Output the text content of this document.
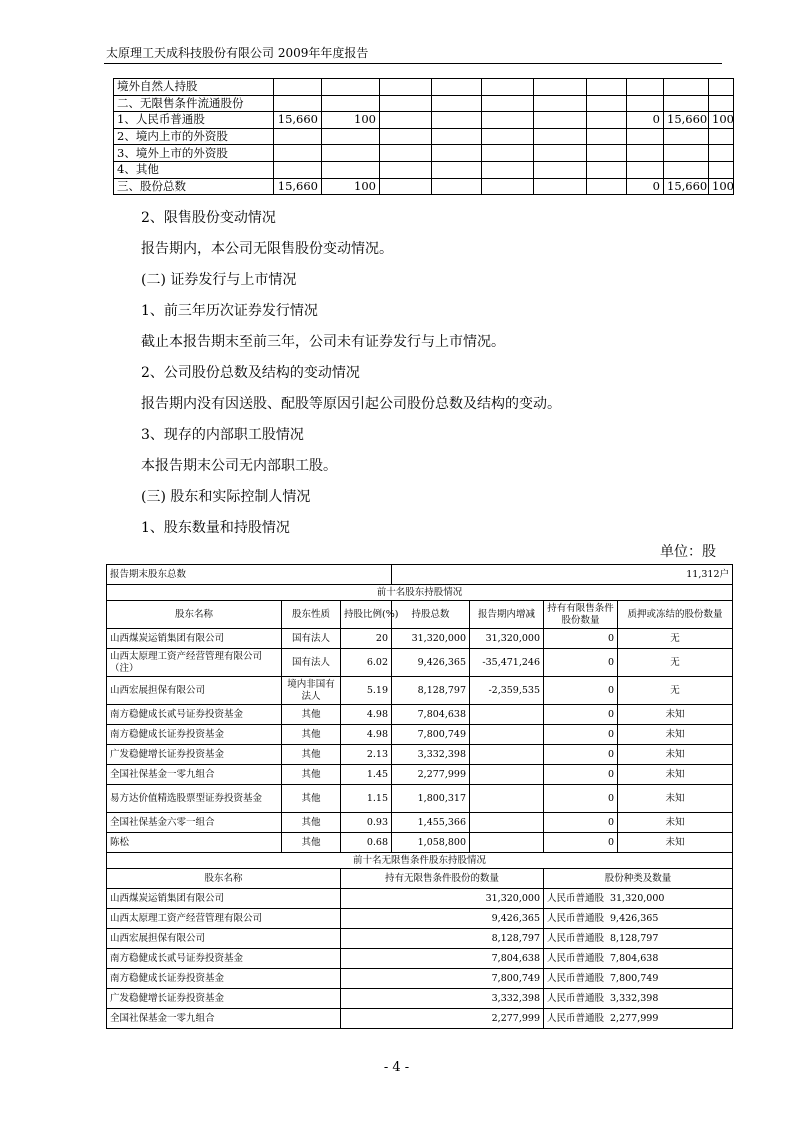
太原理工天成科技股份有限公司 2009年年度报告
境外自然人持股										
二、无限售条件流通股份										
1、人民币普通股	15,660	100						0	15,660	100
2、境内上市的外资股										
3、境外上市的外资股										
4、其他										
三、股份总数	15,660	100						0	15,660	100
2、限售股份变动情况
报告期内，本公司无限售股份变动情况。
(二) 证券发行与上市情况
1、前三年历次证券发行情况
截止本报告期末至前三年，公司未有证券发行与上市情况。
2、公司股份总数及结构的变动情况
报告期内没有因送股、配股等原因引起公司股份总数及结构的变动。
3、现存的内部职工股情况
本报告期末公司无内部职工股。
(三) 股东和实际控制人情况
1、股东数量和持股情况
单位：股
报告期末股东总数			11,312户			
前十名股东持股情况						
股东名称	股东性质	持股比例(%)	持股总数	报告期内增减	持有有限售条件股份数量	质押或冻结的股份数量
山西煤炭运销集团有限公司	国有法人	20	31,320,000	31,320,000	0	无
山西太原理工资产经营管理有限公司（注）	国有法人	6.02	9,426,365	-35,471,246	0	无
山西宏展担保有限公司	境内非国有法人	5.19	8,128,797	-2,359,535	0	无
南方稳健成长贰号证券投资基金	其他	4.98	7,804,638		0	未知
南方稳健成长证券投资基金	其他	4.98	7,800,749		0	未知
广发稳健增长证券投资基金	其他	2.13	3,332,398		0	未知
全国社保基金一零九组合	其他	1.45	2,277,999		0	未知
易方达价值精选股票型证券投资基金	其他	1.15	1,800,317		0	未知
全国社保基金六零一组合	其他	0.93	1,455,366		0	未知
陈松	其他	0.68	1,058,800		0	未知
前十名无限售条件股东持股情况						
股东名称		持有无限售条件股份的数量			股份种类及数量	
山西煤炭运销集团有限公司		31,320,000			人民币普通股 31,320,000	
山西太原理工资产经营管理有限公司		9,426,365			人民币普通股 9,426,365	
山西宏展担保有限公司		8,128,797			人民币普通股 8,128,797	
南方稳健成长贰号证券投资基金		7,804,638			人民币普通股 7,804,638	
南方稳健成长证券投资基金		7,800,749			人民币普通股 7,800,749	
广发稳健增长证券投资基金		3,332,398			人民币普通股 3,332,398	
全国社保基金一零九组合		2,277,999			人民币普通股 2,277,999	
- 4 -
